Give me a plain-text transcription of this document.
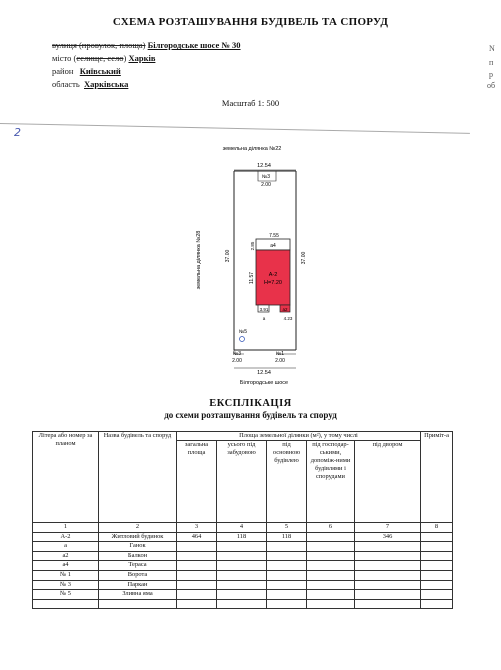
СХЕМА РОЗТАШУВАННЯ БУДІВЕЛЬ ТА СПОРУД
вулиця (провулок, площа) Білгородське шосе № 30
місто (селище, село) Харків
район Київський
область Харківська
N
п
р
об
Масштаб 1: 500
2
земельна ділянка №22
12.54
№3
2.00
земельна ділянка №28	37.00	37.00
7.55
а4
2.85
А-2
H=7.20
11.57
3.91	а2
а	4.23
№5
№3
2.00
№1
2.00
12.54
Білгородське шосе
ЕКСПЛІКАЦІЯ
до схеми розташування будівель та споруд
Літера або номер за планом	Назва будівель та споруд	Площа земельної ділянки (м²), у тому числі					Приміт-а
		загальна площа	усього під забудовою	під основною будівлею	під господар-ськими, допоміж-ними будівлями і спорудами	під двором	
1	2	3	4	5	6	7	8
А-2	Житловий будинок	464	118	118		346	
а	Ганок						
а2	Балкон						
а4	Тераса						
№ 1	Ворота						
№ 3	Паркан						
№ 5	Зливна яма						
